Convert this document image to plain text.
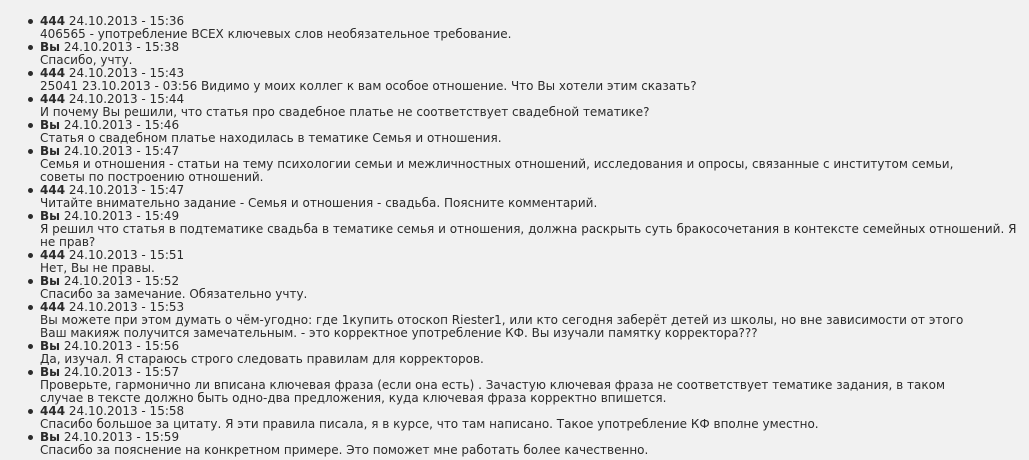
444 24.10.2013 - 15:36
406565 - употребление ВСЕХ ключевых слов необязательное требование.
Вы 24.10.2013 - 15:38
Спасибо, учту.
444 24.10.2013 - 15:43
25041 23.10.2013 - 03:56 Видимо у моих коллег к вам особое отношение. Что Вы хотели этим сказать?
444 24.10.2013 - 15:44
И почему Вы решили, что статья про свадебное платье не соответствует свадебной тематике?
Вы 24.10.2013 - 15:46
Статья о свадебном платье находилась в тематике Семья и отношения.
Вы 24.10.2013 - 15:47
Семья и отношения - статьи на тему психологии семьи и межличностных отношений, исследования и опросы, связанные с институтом семьи, советы по построению отношений.
444 24.10.2013 - 15:47
Читайте внимательно задание - Семья и отношения - свадьба. Поясните комментарий.
Вы 24.10.2013 - 15:49
Я решил что статья в подтематике свадьба в тематике семья и отношения, должна раскрыть суть бракосочетания в контексте семейных отношений. Я не прав?
444 24.10.2013 - 15:51
Нет, Вы не правы.
Вы 24.10.2013 - 15:52
Спасибо за замечание. Обязательно учту.
444 24.10.2013 - 15:53
Вы можете при этом думать о чём-угодно: где 1купить отоскоп Riester1, или кто сегодня заберёт детей из школы, но вне зависимости от этого Ваш макияж получится замечательным. - это корректное употребление КФ. Вы изучали памятку корректора???
Вы 24.10.2013 - 15:56
Да, изучал. Я стараюсь строго следовать правилам для корректоров.
Вы 24.10.2013 - 15:57
Проверьте, гармонично ли вписана ключевая фраза (если она есть) . Зачастую ключевая фраза не соответствует тематике задания, в таком случае в тексте должно быть одно-два предложения, куда ключевая фраза корректно впишется.
444 24.10.2013 - 15:58
Спасибо большое за цитату. Я эти правила писала, я в курсе, что там написано. Такое употребление КФ вполне уместно.
Вы 24.10.2013 - 15:59
Спасибо за пояснение на конкретном примере. Это поможет мне работать более качественно.
